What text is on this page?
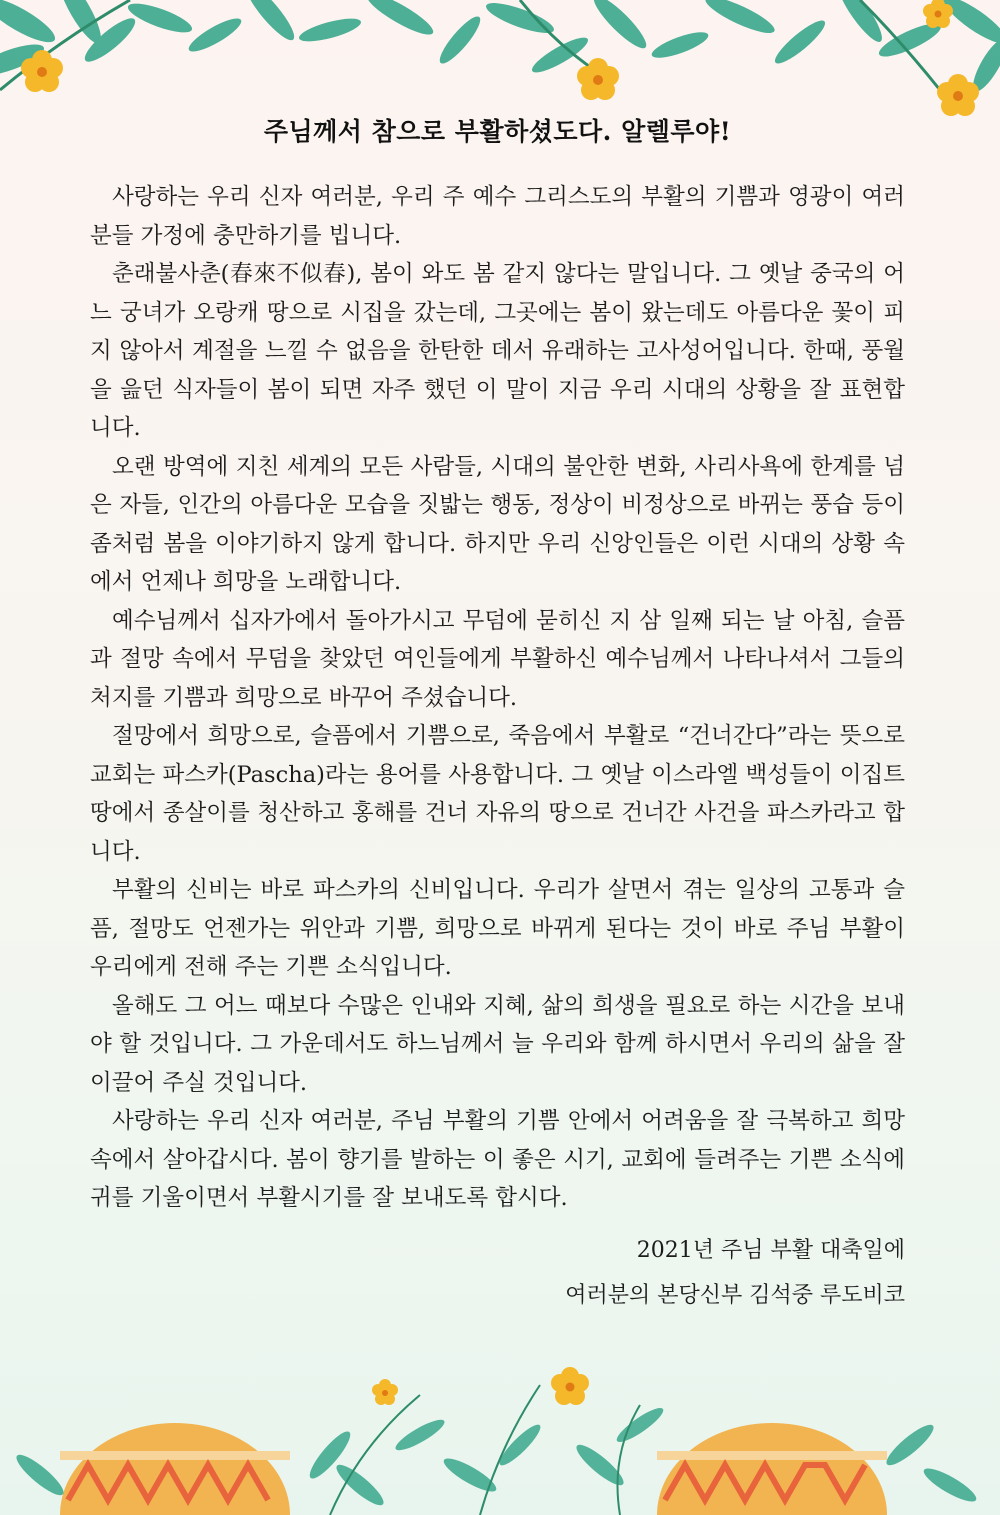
주님께서 참으로 부활하셨도다. 알렐루야!

사랑하는 우리 신자 여러분, 우리 주 예수 그리스도의 부활의 기쁨과 영광이 여러분들 가정에 충만하기를 빕니다.

춘래불사춘(春來不似春), 봄이 와도 봄 같지 않다는 말입니다. 그 옛날 중국의 어느 궁녀가 오랑캐 땅으로 시집을 갔는데, 그곳에는 봄이 왔는데도 아름다운 꽃이 피지 않아서 계절을 느낄 수 없음을 한탄한 데서 유래하는 고사성어입니다. 한때, 풍월을 읊던 식자들이 봄이 되면 자주 했던 이 말이 지금 우리 시대의 상황을 잘 표현합니다.

오랜 방역에 지친 세계의 모든 사람들, 시대의 불안한 변화, 사리사욕에 한계를 넘은 자들, 인간의 아름다운 모습을 짓밟는 행동, 정상이 비정상으로 바뀌는 풍습 등이 좀처럼 봄을 이야기하지 않게 합니다. 하지만 우리 신앙인들은 이런 시대의 상황 속에서 언제나 희망을 노래합니다.

예수님께서 십자가에서 돌아가시고 무덤에 묻히신 지 삼 일째 되는 날 아침, 슬픔과 절망 속에서 무덤을 찾았던 여인들에게 부활하신 예수님께서 나타나셔서 그들의 처지를 기쁨과 희망으로 바꾸어 주셨습니다.

절망에서 희망으로, 슬픔에서 기쁨으로, 죽음에서 부활로 “건너간다”라는 뜻으로 교회는 파스카(Pascha)라는 용어를 사용합니다. 그 옛날 이스라엘 백성들이 이집트 땅에서 종살이를 청산하고 홍해를 건너 자유의 땅으로 건너간 사건을 파스카라고 합니다.

부활의 신비는 바로 파스카의 신비입니다. 우리가 살면서 겪는 일상의 고통과 슬픔, 절망도 언젠가는 위안과 기쁨, 희망으로 바뀌게 된다는 것이 바로 주님 부활이 우리에게 전해 주는 기쁜 소식입니다.

올해도 그 어느 때보다 수많은 인내와 지혜, 삶의 희생을 필요로 하는 시간을 보내야 할 것입니다. 그 가운데서도 하느님께서 늘 우리와 함께 하시면서 우리의 삶을 잘 이끌어 주실 것입니다.

사랑하는 우리 신자 여러분, 주님 부활의 기쁨 안에서 어려움을 잘 극복하고 희망 속에서 살아갑시다. 봄이 향기를 발하는 이 좋은 시기, 교회에 들려주는 기쁜 소식에 귀를 기울이면서 부활시기를 잘 보내도록 합시다.

2021년 주님 부활 대축일에
여러분의 본당신부 김석중 루도비코
